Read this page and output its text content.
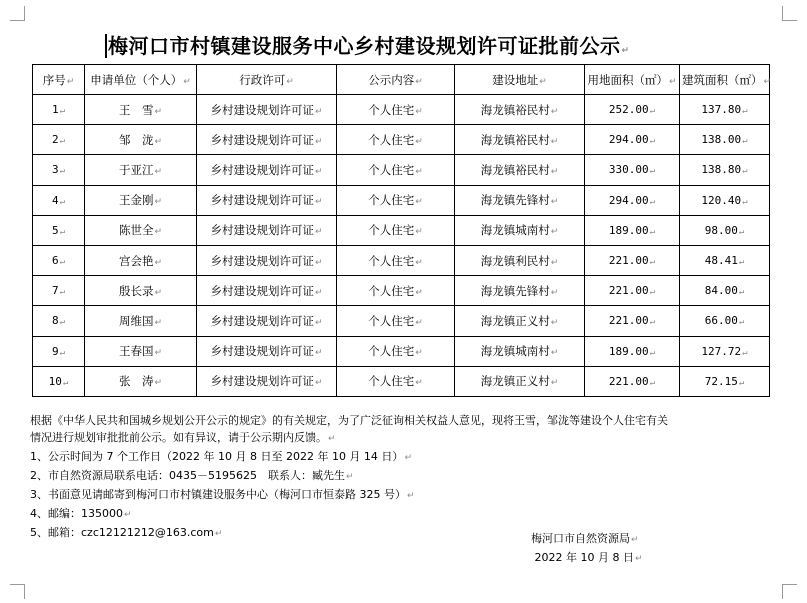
梅河口市村镇建设服务中心乡村建设规划许可证批前公示↵
序号↵	申请单位（个人）↵	行政许可↵	公示内容↵	建设地址↵	用地面积（㎡）↵	建筑面积（㎡）↵
1↵	王　雪↵	乡村建设规划许可证↵	个人住宅↵	海龙镇裕民村↵	252.00↵	137.80↵
2↵	邹　泷↵	乡村建设规划许可证↵	个人住宅↵	海龙镇裕民村↵	294.00↵	138.00↵
3↵	于亚江↵	乡村建设规划许可证↵	个人住宅↵	海龙镇裕民村↵	330.00↵	138.80↵
4↵	王金刚↵	乡村建设规划许可证↵	个人住宅↵	海龙镇先锋村↵	294.00↵	120.40↵
5↵	陈世全↵	乡村建设规划许可证↵	个人住宅↵	海龙镇城南村↵	189.00↵	98.00↵
6↵	宫会艳↵	乡村建设规划许可证↵	个人住宅↵	海龙镇利民村↵	221.00↵	48.41↵
7↵	殷长录↵	乡村建设规划许可证↵	个人住宅↵	海龙镇先锋村↵	221.00↵	84.00↵
8↵	周维国↵	乡村建设规划许可证↵	个人住宅↵	海龙镇正义村↵	221.00↵	66.00↵
9↵	王春国↵	乡村建设规划许可证↵	个人住宅↵	海龙镇城南村↵	189.00↵	127.72↵
10↵	张　涛↵	乡村建设规划许可证↵	个人住宅↵	海龙镇正义村↵	221.00↵	72.15↵

根据《中华人民共和国城乡规划公开公示的规定》的有关规定，为了广泛征询相关权益人意见，现将王雪，邹泷等建设个人住宅有关

情况进行规划审批批前公示。如有异议，请于公示期内反馈。↵

1、公示时间为 7 个工作日（2022 年 10 月 8 日至 2022 年 10 月 14 日）↵

2、市自然资源局联系电话：0435－5195625　联系人：臧先生↵

3、书面意见请邮寄到梅河口市村镇建设服务中心（梅河口市恒泰路 325 号）↵

4、邮编：135000↵

5、邮箱：czc12121212@163.com↵	梅河口市自然资源局↵

2022 年 10 月 8 日↵
